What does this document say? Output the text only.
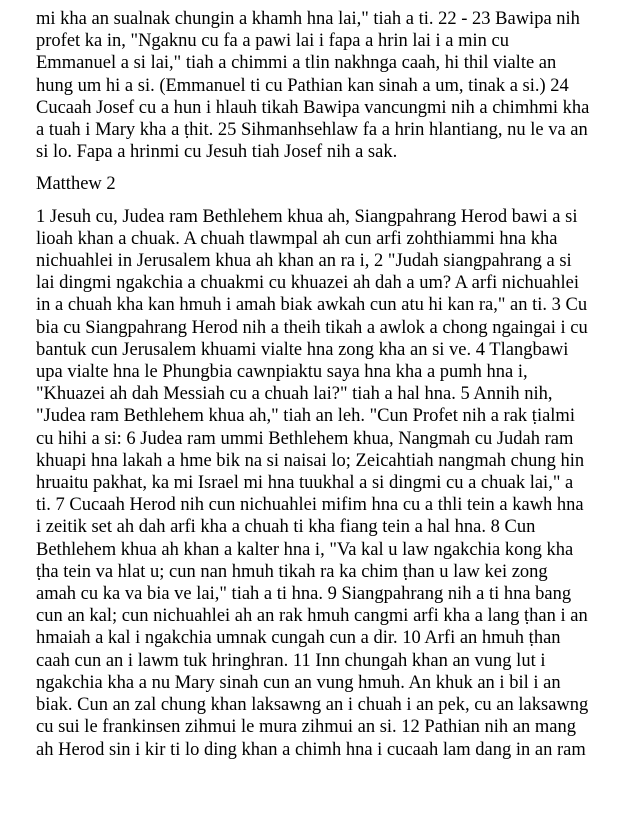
mi kha an sualnak chungin a khamh hna lai," tiah a ti. 22 - 23 Bawipa nih
profet ka in, "Ngaknu cu fa a pawi lai i fapa a hrin lai i a min cu
Emmanuel a si lai," tiah a chimmi a tlin nakhnga caah, hi thil vialte an
hung um hi a si. (Emmanuel ti cu Pathian kan sinah a um, tinak a si.) 24
Cucaah Josef cu a hun i hlauh tikah Bawipa vancungmi nih a chimhmi kha
a tuah i Mary kha a ṭhit. 25 Sihmanhsehlaw fa a hrin hlantiang, nu le va an
si lo. Fapa a hrinmi cu Jesuh tiah Josef nih a sak.
Matthew 2
1 Jesuh cu, Judea ram Bethlehem khua ah, Siangpahrang Herod bawi a si
lioah khan a chuak. A chuah tlawmpal ah cun arfi zohthiammi hna kha
nichuahlei in Jerusalem khua ah khan an ra i, 2 "Judah siangpahrang a si
lai dingmi ngakchia a chuakmi cu khuazei ah dah a um? A arfi nichuahlei
in a chuah kha kan hmuh i amah biak awkah cun atu hi kan ra," an ti. 3 Cu
bia cu Siangpahrang Herod nih a theih tikah a awlok a chong ngaingai i cu
bantuk cun Jerusalem khuami vialte hna zong kha an si ve. 4 Tlangbawi
upa vialte hna le Phungbia cawnpiaktu saya hna kha a pumh hna i,
"Khuazei ah dah Messiah cu a chuah lai?" tiah a hal hna. 5 Annih nih,
"Judea ram Bethlehem khua ah," tiah an leh. "Cun Profet nih a rak ṭialmi
cu hihi a si: 6 Judea ram ummi Bethlehem khua, Nangmah cu Judah ram
khuapi hna lakah a hme bik na si naisai lo; Zeicahtiah nangmah chung hin
hruaitu pakhat, ka mi Israel mi hna tuukhal a si dingmi cu a chuak lai," a
ti. 7 Cucaah Herod nih cun nichuahlei mifim hna cu a thli tein a kawh hna
i zeitik set ah dah arfi kha a chuah ti kha fiang tein a hal hna. 8 Cun
Bethlehem khua ah khan a kalter hna i, "Va kal u law ngakchia kong kha
ṭha tein va hlat u; cun nan hmuh tikah ra ka chim ṭhan u law kei zong
amah cu ka va bia ve lai," tiah a ti hna. 9 Siangpahrang nih a ti hna bang
cun an kal; cun nichuahlei ah an rak hmuh cangmi arfi kha a lang ṭhan i an
hmaiah a kal i ngakchia umnak cungah cun a dir. 10 Arfi an hmuh ṭhan
caah cun an i lawm tuk hringhran. 11 Inn chungah khan an vung lut i
ngakchia kha a nu Mary sinah cun an vung hmuh. An khuk an i bil i an
biak. Cun an zal chung khan laksawng an i chuah i an pek, cu an laksawng
cu sui le frankinsen zihmui le mura zihmui an si. 12 Pathian nih an mang
ah Herod sin i kir ti lo ding khan a chimh hna i cucaah lam dang in an ram
